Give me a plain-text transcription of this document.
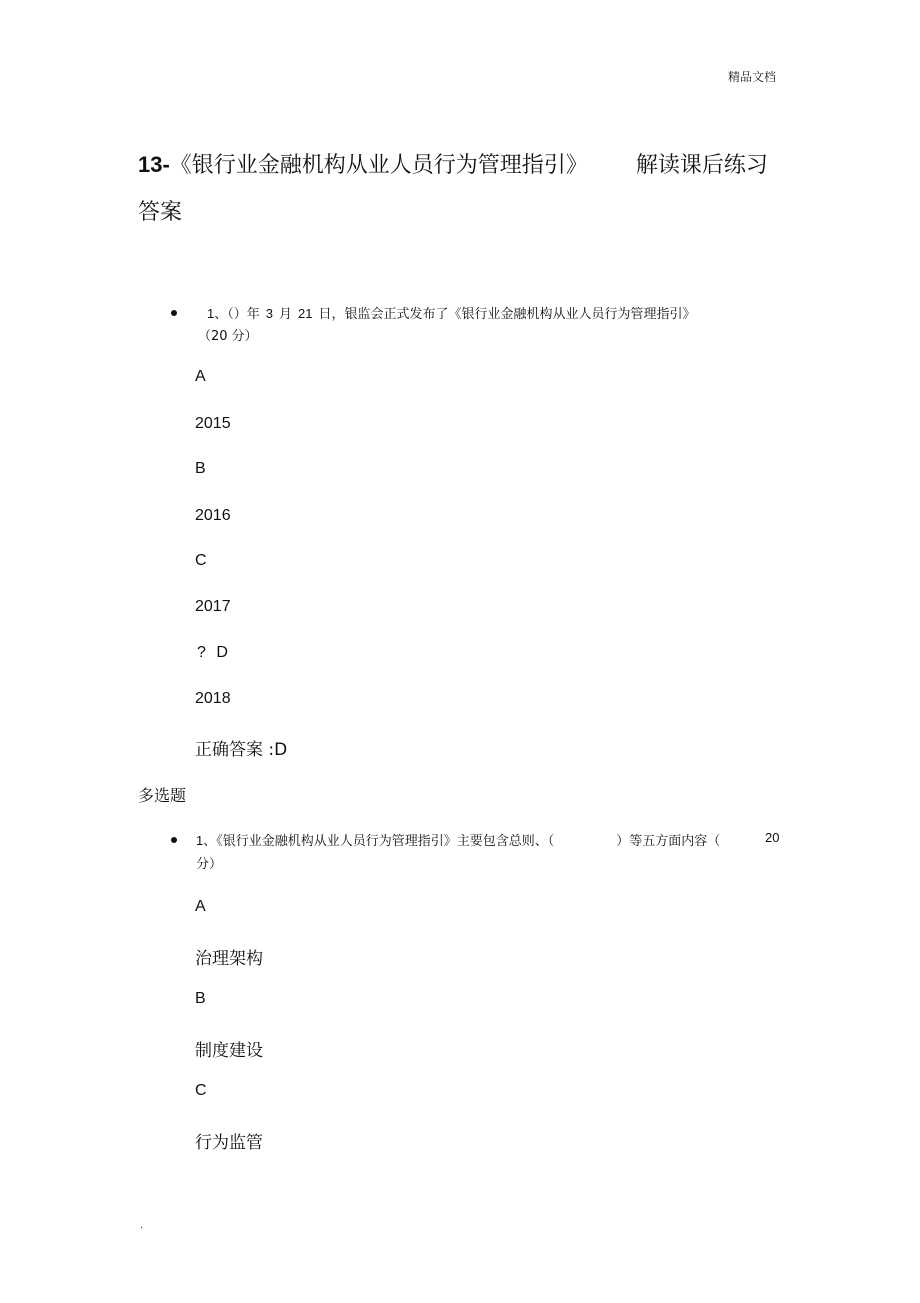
精品文档
13-《银行业金融机构从业人员行为管理指引》 解读课后练习
答案
1、（）年 3 月 21 日，银监会正式发布了《银行业金融机构从业人员行为管理指引》
（20 分）
A
2015
B
2016
C
2017
? D
2018
正确答案 :D
多选题
1、《银行业金融机构从业人员行为管理指引》主要包含总则、（	）等五方面内容（	20
分）
A
治理架构
B
制度建设
C
行为监管
.
